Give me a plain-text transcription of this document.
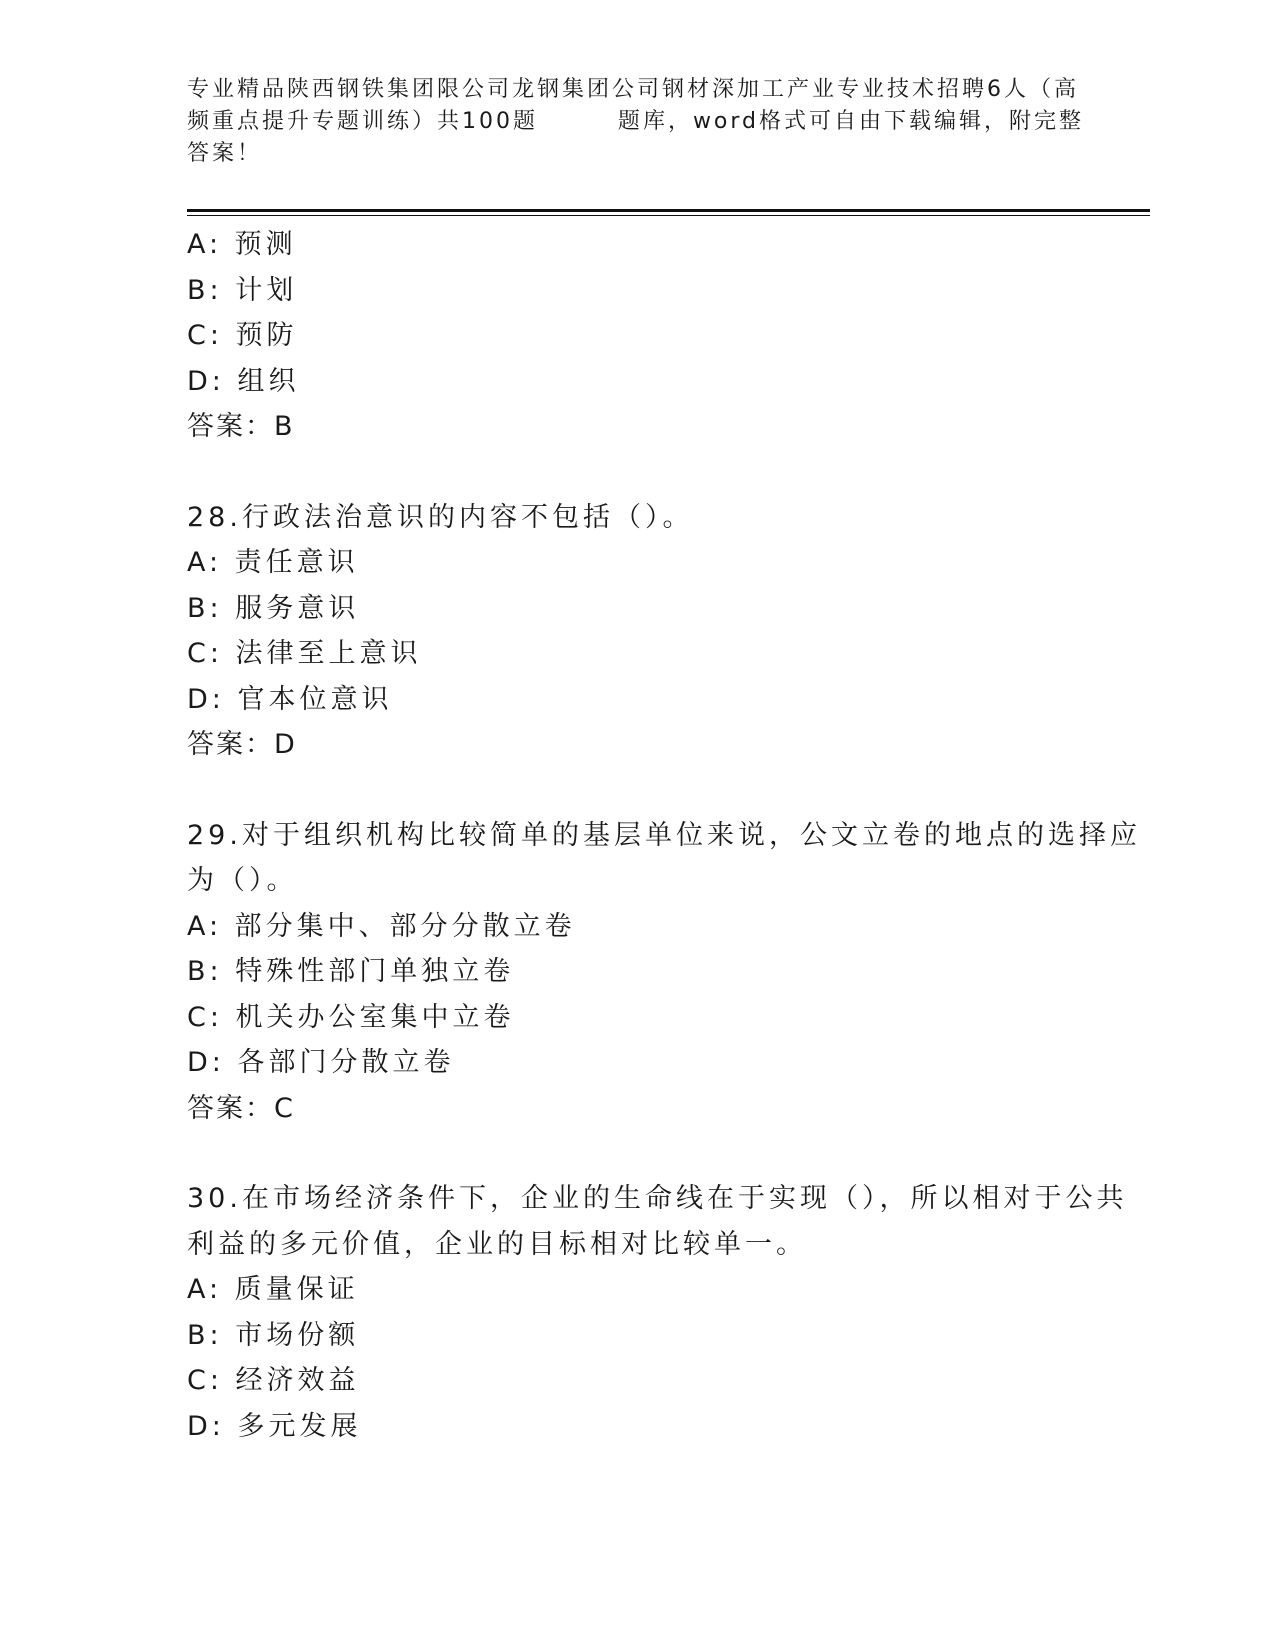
专业精品陕西钢铁集团限公司龙钢集团公司钢材深加工产业专业技术招聘6人（高
频重点提升专题训练）共100题        题库，word格式可自由下载编辑，附完整
答案！
A: 预测
B: 计划
C: 预防
D: 组织
答案：B
28.行政法治意识的内容不包括（）。
A: 责任意识
B: 服务意识
C: 法律至上意识
D: 官本位意识
答案：D
29.对于组织机构比较简单的基层单位来说，公文立卷的地点的选择应
为（）。
A: 部分集中、部分分散立卷
B: 特殊性部门单独立卷
C: 机关办公室集中立卷
D: 各部门分散立卷
答案：C
30.在市场经济条件下，企业的生命线在于实现（），所以相对于公共
利益的多元价值，企业的目标相对比较单一。
A: 质量保证
B: 市场份额
C: 经济效益
D: 多元发展
